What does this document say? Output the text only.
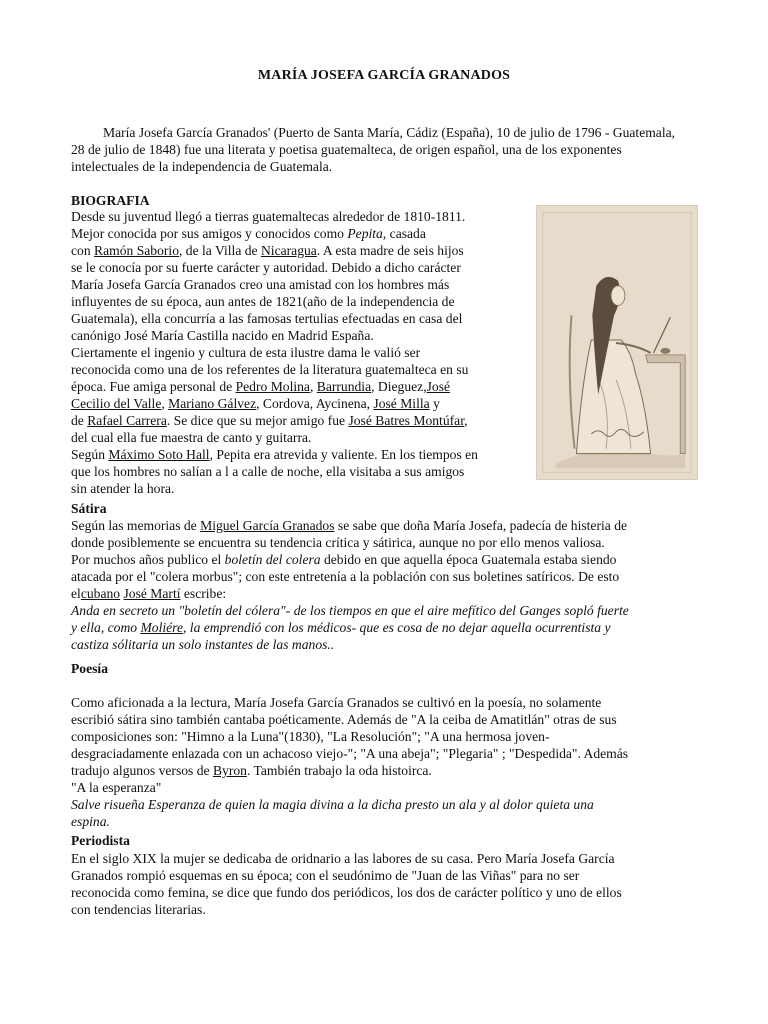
MARÍA JOSEFA GARCÍA GRANADOS

María Josefa García Granados' (Puerto de Santa María, Cádiz (España), 10 de julio de 1796 - Guatemala, 28 de julio de 1848) fue una literata y poetisa guatemalteca, de origen español, una de los exponentes intelectuales de la independencia de Guatemala.

BIOGRAFIA
Desde su juventud llegó a tierras guatemaltecas alrededor de 1810-1811.
Mejor conocida por sus amigos y conocidos como Pepita, casada
con Ramón Saborio, de la Villa de Nicaragua. A esta madre de seis hijos
se le conocía por su fuerte carácter y autoridad. Debido a dicho carácter
María Josefa García Granados creo una amistad con los hombres más
influyentes de su época, aun antes de 1821(año de la independencia de
Guatemala), ella concurría a las famosas tertulias efectuadas en casa del
canónigo José María Castilla nacido en Madrid España.
Ciertamente el ingenio y cultura de esta ilustre dama le valió ser
reconocida como una de los referentes de la literatura guatemalteca en su
época. Fue amiga personal de Pedro Molina, Barrundia, Dieguez,José
Cecilio del Valle, Mariano Gálvez, Cordova, Aycinena, José Milla y
de Rafael Carrera. Se dice que su mejor amigo fue José Batres Montúfar,
del cual ella fue maestra de canto y guitarra.
Según Máximo Soto Hall, Pepita era atrevida y valiente. En los tiempos en
que los hombres no salían a l a calle de noche, ella visitaba a sus amigos
sin atender la hora.
Sátira
Según las memorias de Miguel García Granados se sabe que doña María Josefa, padecía de histeria de
donde posiblemente se encuentra su tendencia crítica y sátirica, aunque no por ello menos valiosa.
Por muchos años publico el boletín del colera debido en que aquella época Guatemala estaba siendo
atacada por el "colera morbus"; con este entretenía a la población con sus boletines satíricos. De esto
elcubano José Martí escribe:
Anda en secreto un "boletín del cólera"- de los tiempos en que el aire mefítico del Ganges sopló fuerte
y ella, como Moliére, la emprendió con los médicos- que es cosa de no dejar aquella ocurrentista y
castiza sólitaria un solo instantes de las manos..
Poesía
Como aficionada a la lectura, María Josefa García Granados se cultivó en la poesía, no solamente
escribió sátira sino también cantaba poéticamente. Además de "A la ceiba de Amatitlán" otras de sus
composiciones son: "Himno a la Luna"(1830), "La Resolución"; "A una hermosa joven-
desgraciadamente enlazada con un achacoso viejo-"; "A una abeja"; "Plegaria" ; "Despedida". Además
tradujo algunos versos de Byron. También trabajo la oda histoirca.
"A la esperanza"
Salve risueña Esperanza de quien la magia divina a la dicha presto un ala y al dolor quieta una
espina.
Periodista
En el siglo XIX la mujer se dedicaba de oridnario a las labores de su casa. Pero María Josefa García
Granados rompió esquemas en su época; con el seudónimo de "Juan de las Viñas" para no ser
reconocida como femina, se dice que fundo dos periódicos, los dos de carácter político y uno de ellos
con tendencias literarias.
